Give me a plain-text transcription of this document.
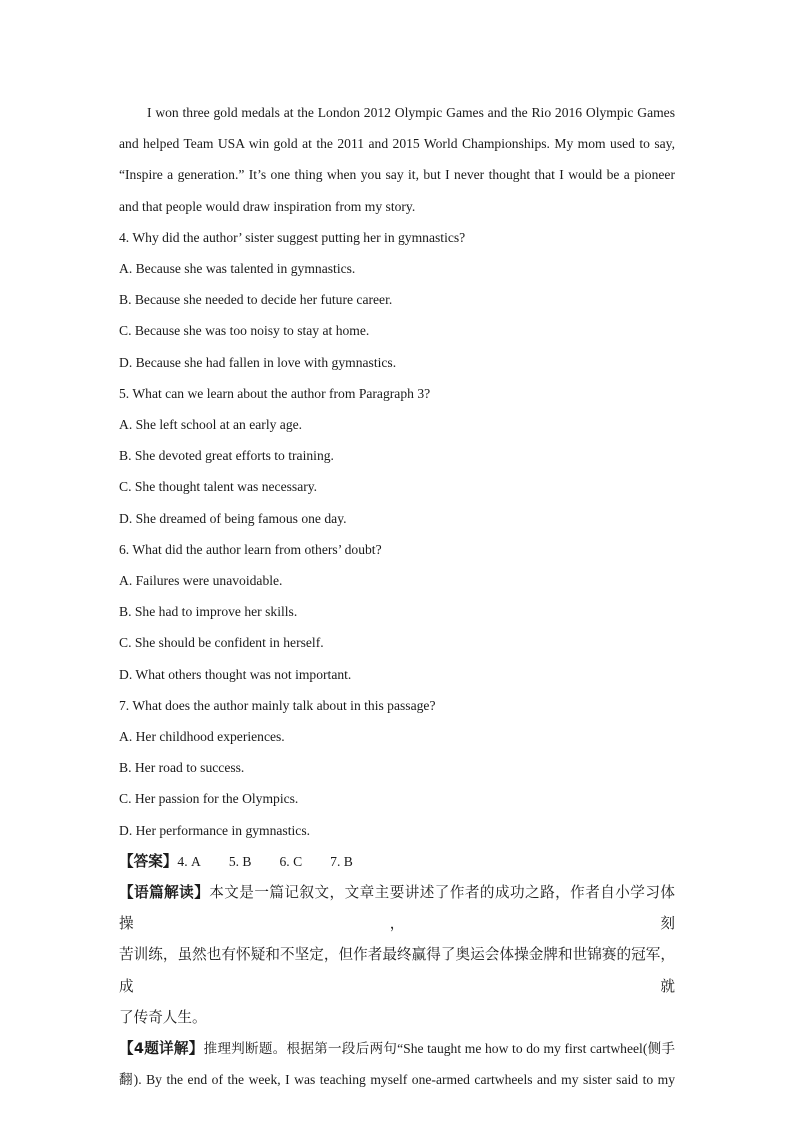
I won three gold medals at the London 2012 Olympic Games and the Rio 2016 Olympic Games

and helped Team USA win gold at the 2011 and 2015 World Championships. My mom used to say,

“Inspire a generation.” It’s one thing when you say it, but I never thought that I would be a pioneer

and that people would draw inspiration from my story.

4. Why did the author’ sister suggest putting her in gymnastics?

A. Because she was talented in gymnastics.

B. Because she needed to decide her future career.

C. Because she was too noisy to stay at home.

D. Because she had fallen in love with gymnastics.

5. What can we learn about the author from Paragraph 3?

A. She left school at an early age.

B. She devoted great efforts to training.

C. She thought talent was necessary.

D. She dreamed of being famous one day.

6. What did the author learn from others’ doubt?

A. Failures were unavoidable.

B. She had to improve her skills.

C. She should be confident in herself.

D. What others thought was not important.

7. What does the author mainly talk about in this passage?

A. Her childhood experiences.

B. Her road to success.

C. Her passion for the Olympics.

D. Her performance in gymnastics.

【答案】4. A 5. B 6. C 7. B

【语篇解读】本文是一篇记叙文，文章主要讲述了作者的成功之路，作者自小学习体操，刻

苦训练，虽然也有怀疑和不坚定，但作者最终赢得了奥运会体操金牌和世锦赛的冠军，成就

了传奇人生。

【4题详解】推理判断题。根据第一段后两句“She taught me how to do my first cartwheel(侧手

翻). By the end of the week, I was teaching myself one-armed cartwheels and my sister said to my
